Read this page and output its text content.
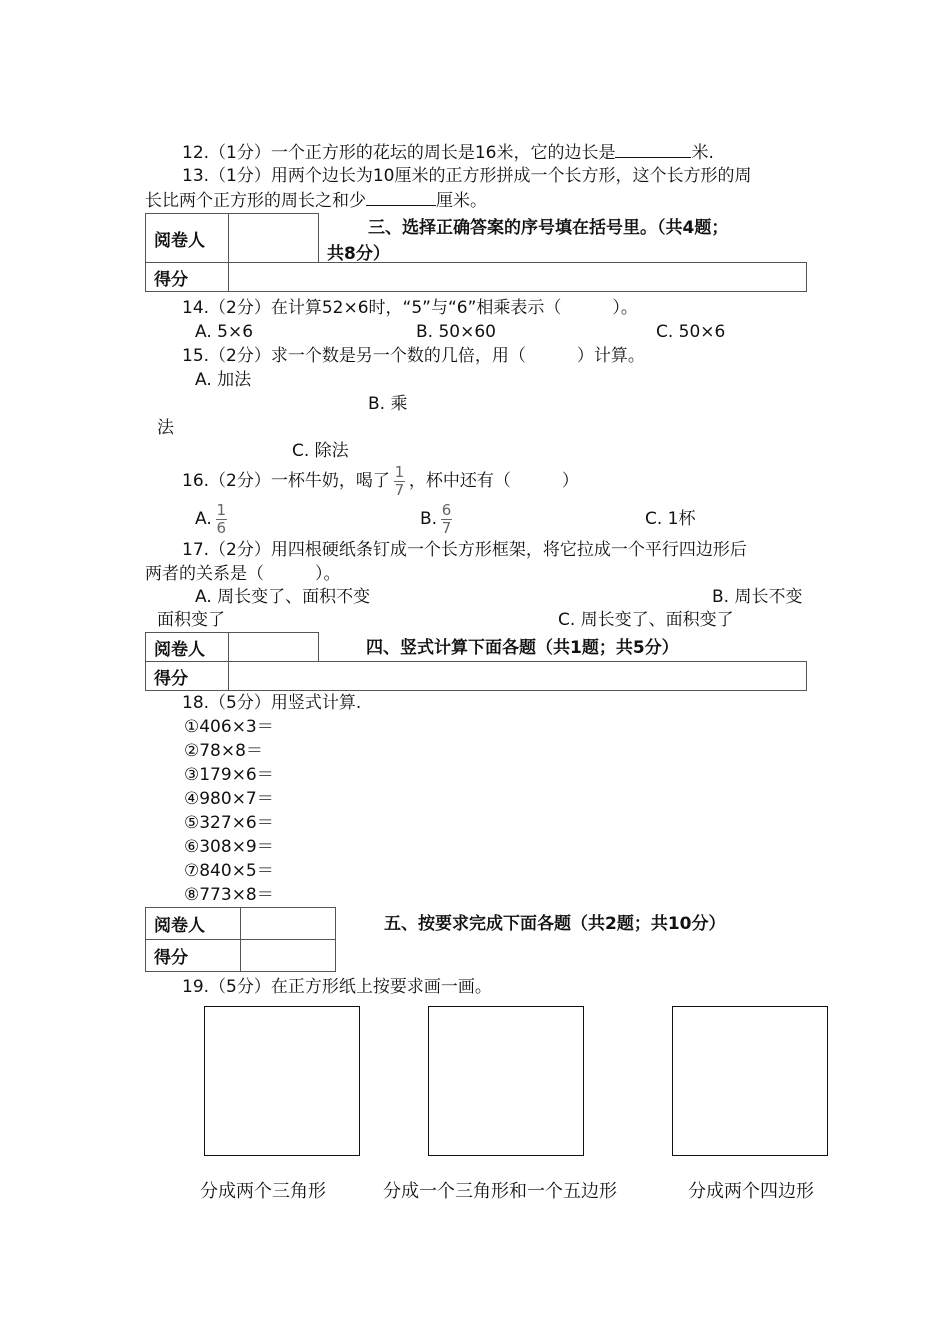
12.（1分）一个正方形的花坛的周长是16米，它的边长是	米.
13.（1分）用两个边长为10厘米的正方形拼成一个长方形，这个长方形的周
长比两个正方形的周长之和少	厘米。
阅卷人		
得分		
三、选择正确答案的序号填在括号里。（共4题；
共8分）
14.（2分）在计算52×6时，“5”与“6”相乘表示（　　　）。
A. 5×6	B. 50×60	C. 50×6
15.（2分）求一个数是另一个数的几倍，用（　　　）计算。
A. 加法
B. 乘
法
C. 除法
16.（2分）一杯牛奶，喝了 $\frac{1}{7}$ ，杯中还有（　　　）
A. $\frac{1}{6}$	B. $\frac{6}{7}$	C. 1杯
17.（2分）用四根硬纸条钉成一个长方形框架，将它拉成一个平行四边形后
两者的关系是（　　　）。
A. 周长变了、面积不变	B. 周长不变
面积变了	C. 周长变了、面积变了
阅卷人		
得分		
四、竖式计算下面各题（共1题；共5分）
18.（5分）用竖式计算.
①406×3＝
②78×8＝
③179×6＝
④980×7＝
⑤327×6＝
⑥308×9＝
⑦840×5＝
⑧773×8＝
阅卷人	
得分	
五、按要求完成下面各题（共2题；共10分）
19.（5分）在正方形纸上按要求画一画。
分成两个三角形	分成一个三角形和一个五边形	分成两个四边形
